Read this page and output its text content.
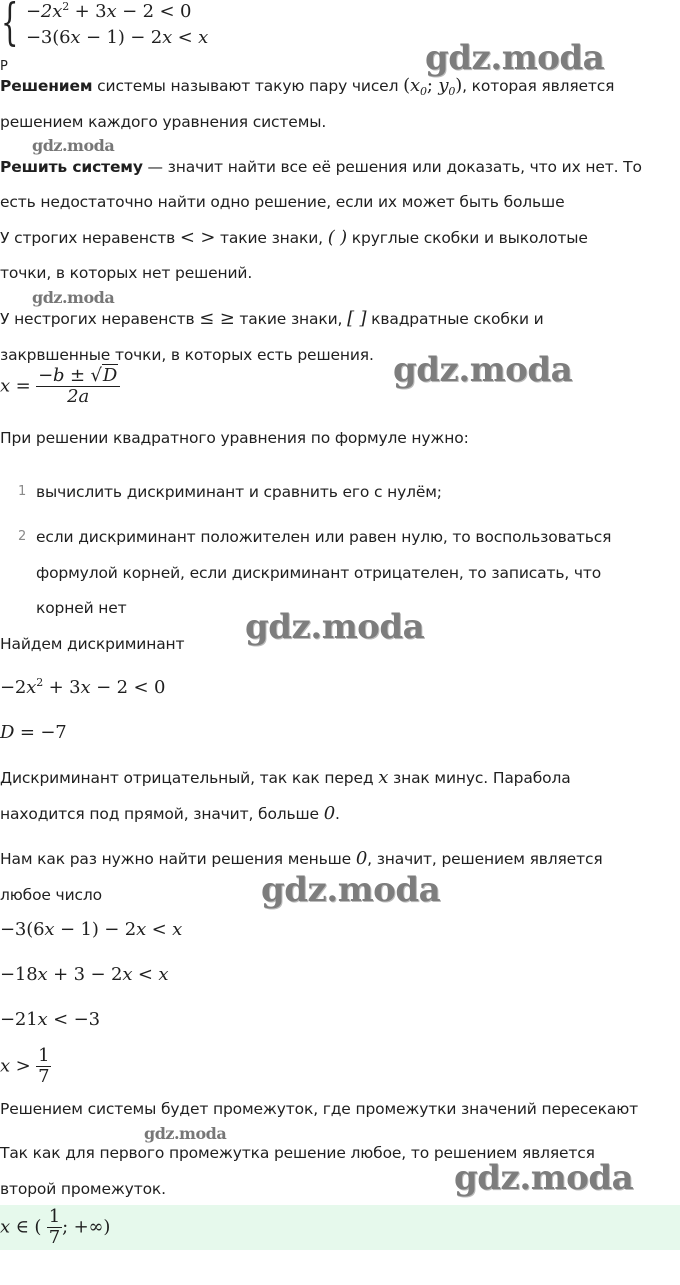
{ $-2x^2 + 3x - 2 < 0$
−3(6x − 1) − 2x < x
Р
Решением системы называют такую пару чисел ($x_0$; $y_0$), которая является
решением каждого уравнения системы.
Решить систему — значит найти все её решения или доказать, что их нет. То
есть недостаточно найти одно решение, если их может быть больше
У строгих неравенств < > такие знаки, ( ) круглые скобки и выколотые
точки, в которых нет решений.
У нестрогих неравенств ≤ ≥ такие знаки, [ ] квадратные скобки и
закрвшенные точки, в которых есть решения.
$x = \frac{-b \pm √D}{2a}$
При решении квадратного уравнения по формуле нужно:
1 вычислить дискриминант и сравнить его с нулём;
2 если дискриминант положителен или равен нулю, то воспользоваться
формулой корней, если дискриминант отрицателен, то записать, что
корней нет
Найдем дискриминант
$-2x^2 + 3x - 2 < 0$
D = −7
Дискриминант отрицательный, так как перед x знак минус. Парабола
находится под прямой, значит, больше 0.
Нам как раз нужно найти решения меньше 0, значит, решением является
любое число
−3(6x − 1) − 2x < x
−18x + 3 − 2x < x
−21x < −3
$x > \frac{1}{7}$
Решением системы будет промежуток, где промежутки значений пересекают
Так как для первого промежутка решение любое, то решением является
второй промежуток.
x ∈ ( $\frac{1}{7}$ ; +∞)
gdz.moda
gdz.moda
gdz.moda
gdz.moda
gdz.moda
gdz.moda
gdz.moda
gdz.moda
